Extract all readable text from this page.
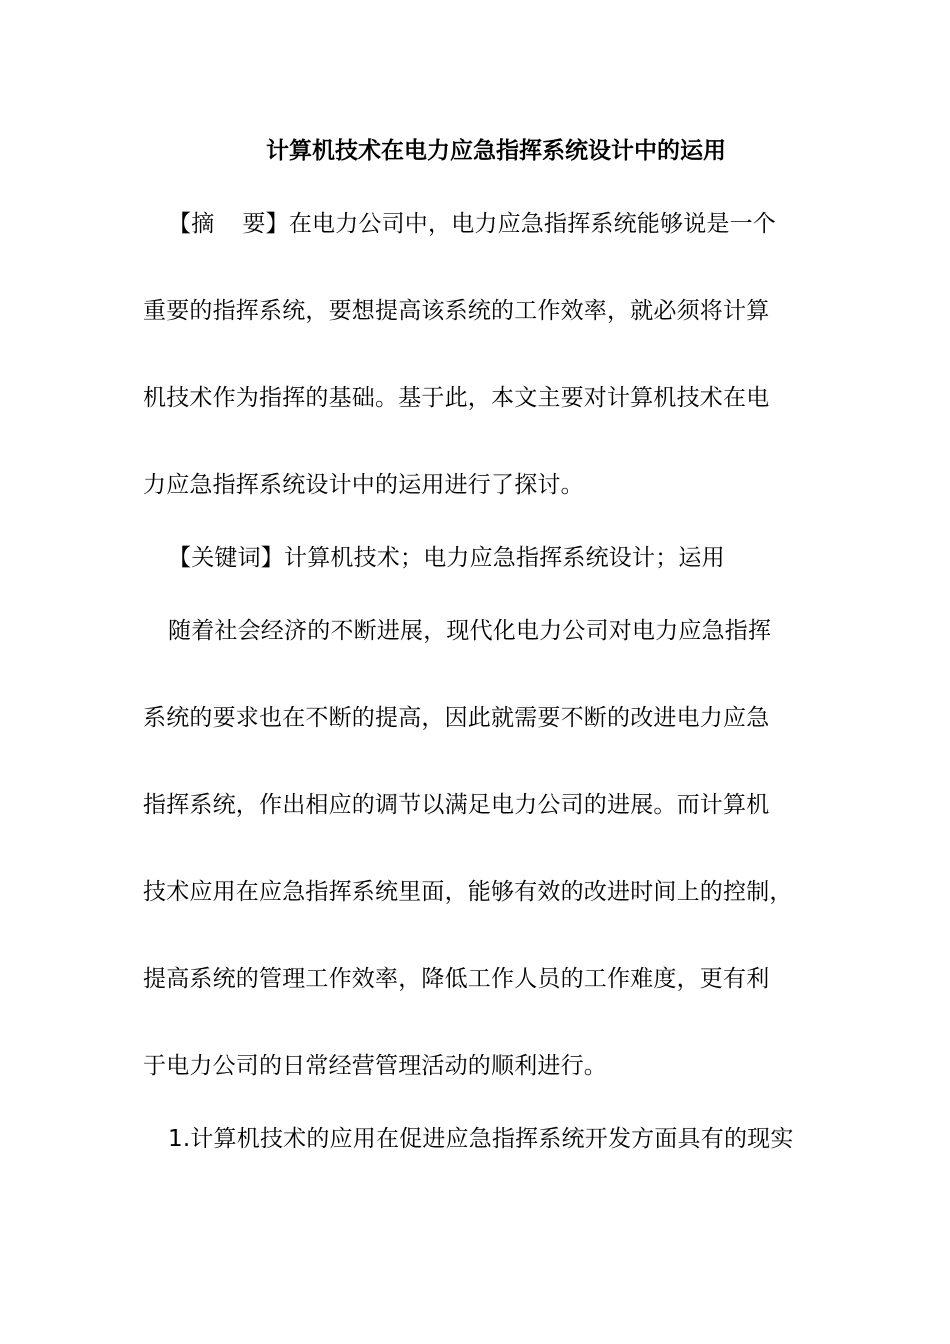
计算机技术在电力应急指挥系统设计中的运用
【摘 要】在电力公司中，电力应急指挥系统能够说是一个
重要的指挥系统，要想提高该系统的工作效率，就必须将计算
机技术作为指挥的基础。基于此，本文主要对计算机技术在电
力应急指挥系统设计中的运用进行了探讨。
【关键词】计算机技术；电力应急指挥系统设计；运用
随着社会经济的不断进展，现代化电力公司对电力应急指挥
系统的要求也在不断的提高，因此就需要不断的改进电力应急
指挥系统，作出相应的调节以满足电力公司的进展。而计算机
技术应用在应急指挥系统里面，能够有效的改进时间上的控制，
提高系统的管理工作效率，降低工作人员的工作难度，更有利
于电力公司的日常经营管理活动的顺利进行。
1.计算机技术的应用在促进应急指挥系统开发方面具有的现实
